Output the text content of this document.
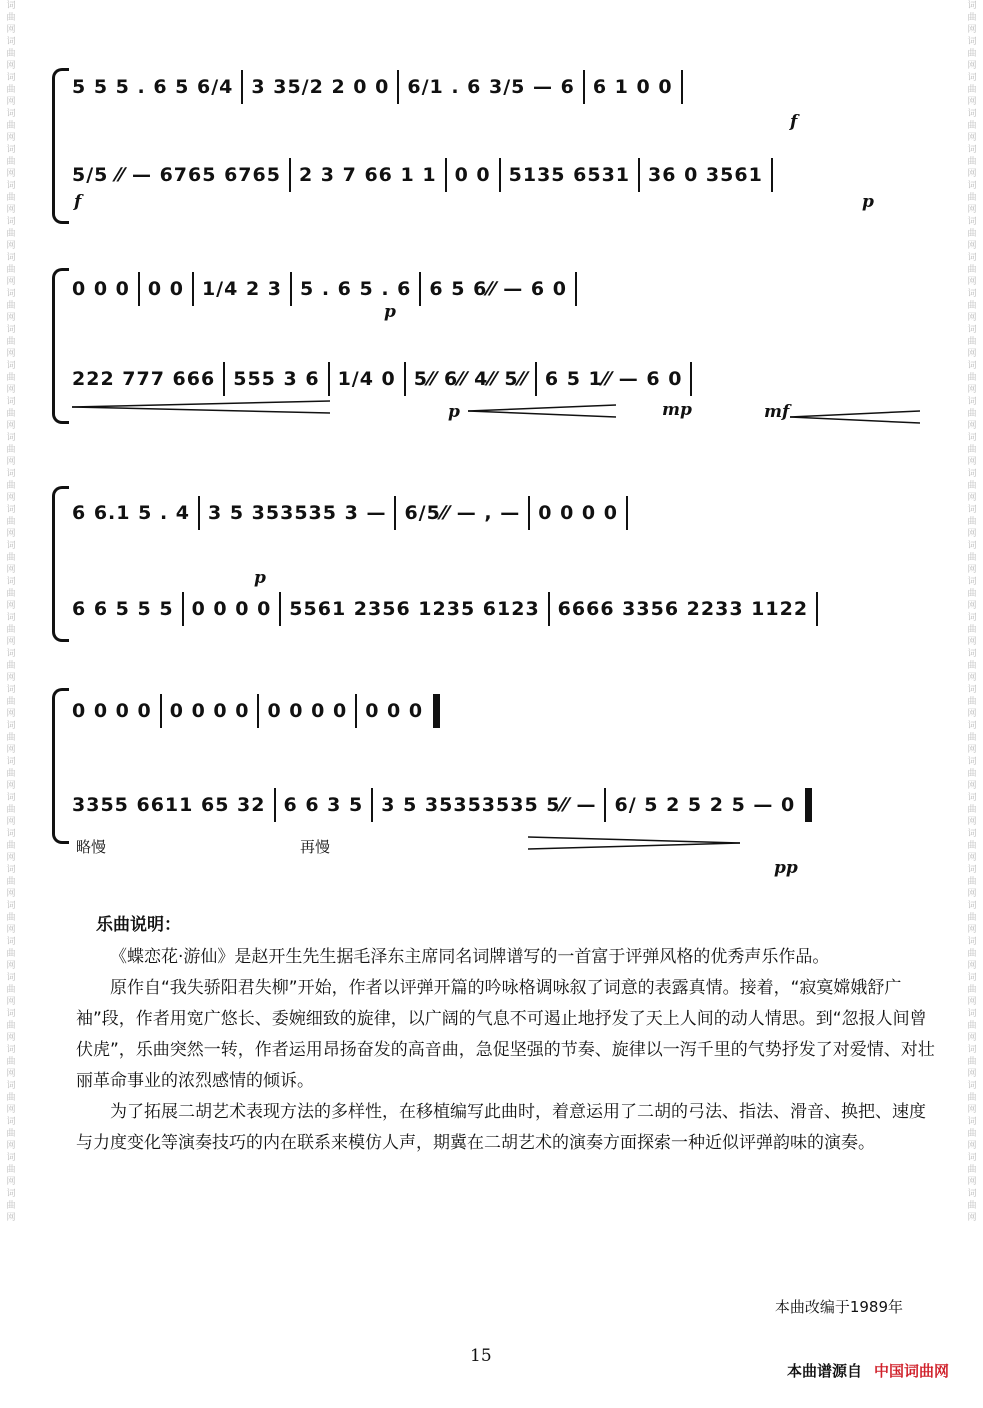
词曲网词曲网词曲网词曲网词曲网词曲网词曲网词曲网词曲网词曲网词曲网词曲网词曲网词曲网词曲网词曲网词曲网词曲网词曲网词曲网词曲网词曲网词曲网词曲网词曲网词曲网词曲网词曲网词曲网词曲网词曲网词曲网词曲网词曲网
词曲网词曲网词曲网词曲网词曲网词曲网词曲网词曲网词曲网词曲网词曲网词曲网词曲网词曲网词曲网词曲网词曲网词曲网词曲网词曲网词曲网词曲网词曲网词曲网词曲网词曲网词曲网词曲网词曲网词曲网词曲网词曲网词曲网词曲网
5 5 5 . 6 5 6/4 3 35/2 2 0 0 6/1 . 6 3/5 — 6 6 1 0 0
5/5 ⁄⁄ — 6765 6765 2 3 7 66 1 1 0 0 5135 6531 36 0 3561
f
f
p
0 0 0 0 0 1/4 2 3 5 . 6 5 . 6 6 5 6⁄⁄ — 6 0
222 777 666 555 3 6 1/4 0 5⁄⁄ 6⁄⁄ 4⁄⁄ 5⁄⁄ 6 5 1⁄⁄ — 6 0
p
p	mp	mf
6 6.1 5 . 4 3 5 353535 3 — 6/5⁄⁄ — , — 0 0 0 0
6 6 5 5 5 0 0 0 0 5561 2356 1235 6123 6666 3356 2233 1122
p
0 0 0 0 0 0 0 0 0 0 0 0 0 0 0
3355 6611 65 32 6 6 3 5 3 5 35353535 5⁄⁄ — 6/ 5 2 5 2 5 — 0
略慢	再慢
pp
乐曲说明：

《蝶恋花·游仙》是赵开生先生据毛泽东主席同名词牌谱写的一首富于评弹风格的优秀声乐作品。

原作自“我失骄阳君失柳”开始，作者以评弹开篇的吟咏格调咏叙了词意的表露真情。接着，“寂寞嫦娥舒广袖”段，作者用宽广悠长、委婉细致的旋律，以广阔的气息不可遏止地抒发了天上人间的动人情思。到“忽报人间曾伏虎”，乐曲突然一转，作者运用昂扬奋发的高音曲，急促坚强的节奏、旋律以一泻千里的气势抒发了对爱情、对壮丽革命事业的浓烈感情的倾诉。

为了拓展二胡艺术表现方法的多样性，在移植编写此曲时，着意运用了二胡的弓法、指法、滑音、换把、速度与力度变化等演奏技巧的内在联系来模仿人声，期冀在二胡艺术的演奏方面探索一种近似评弹韵味的演奏。

本曲改编于1989年
15
本曲谱源自 中国词曲网
